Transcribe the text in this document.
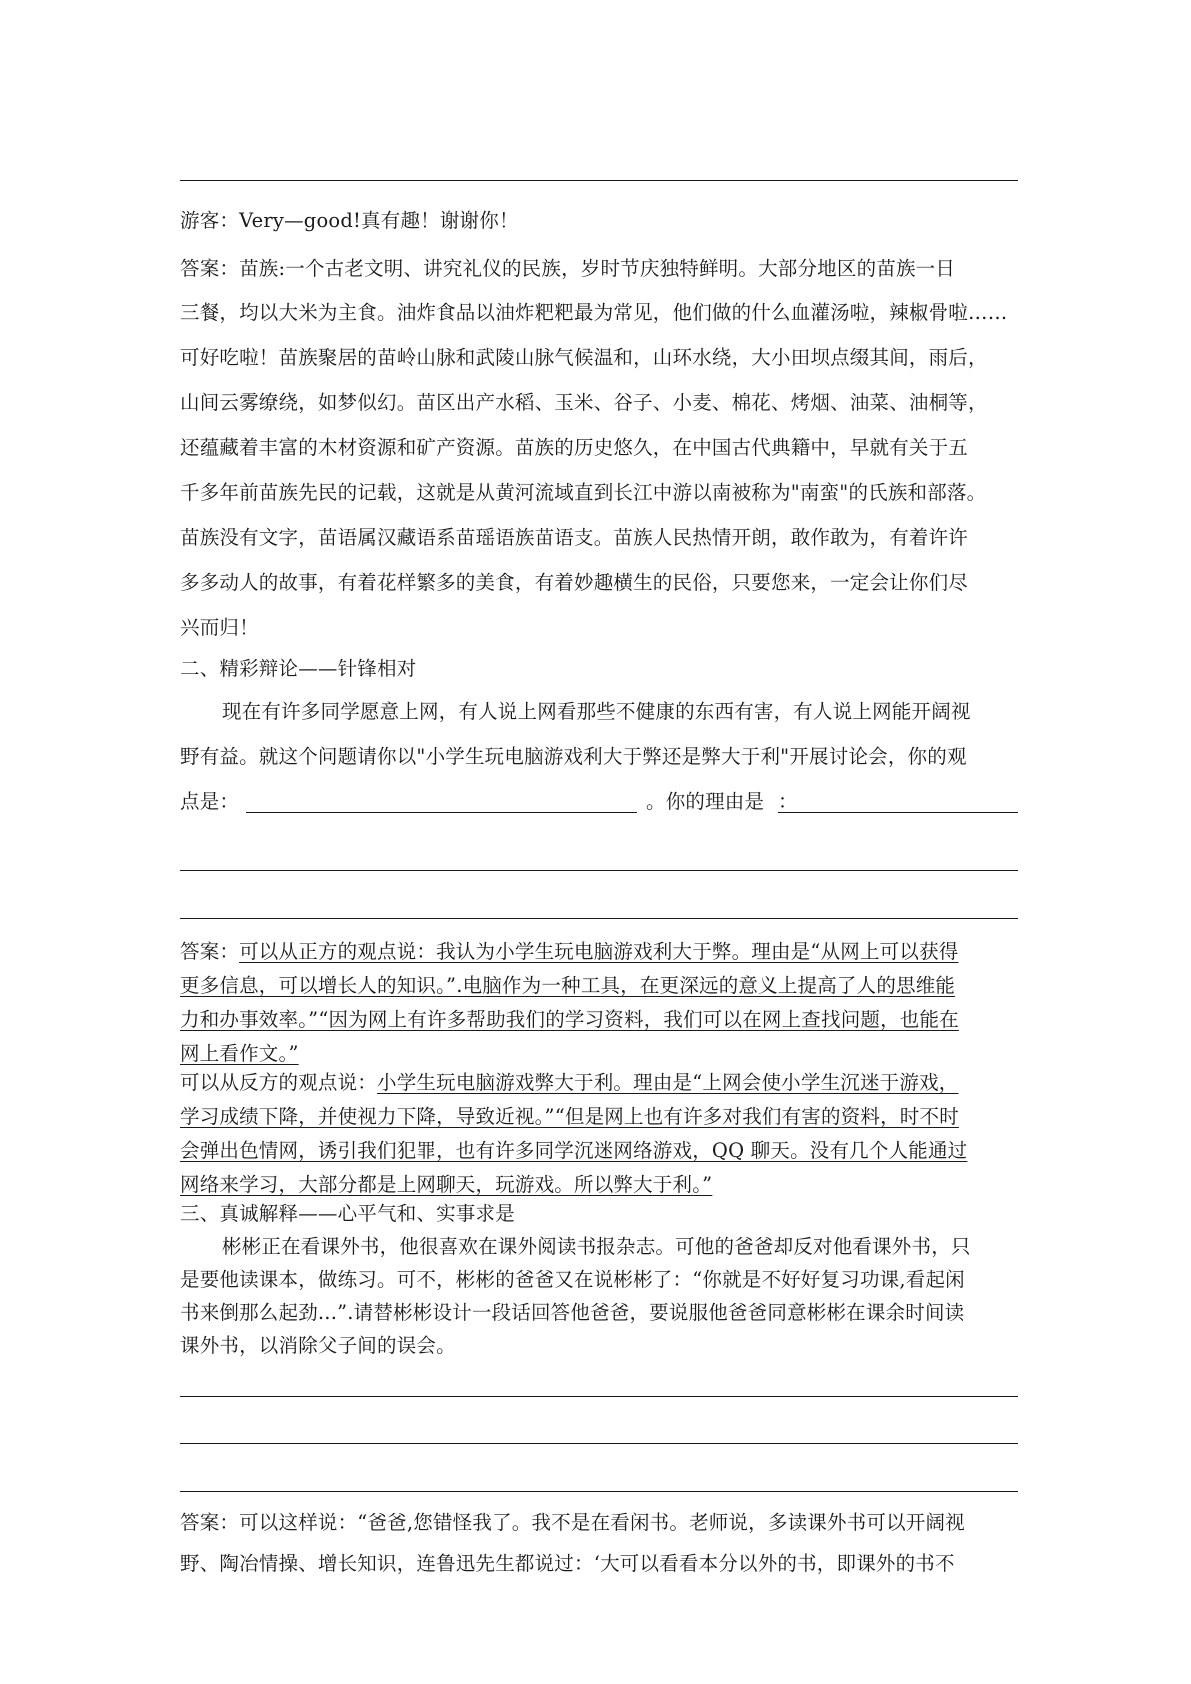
游客：Very—good!真有趣！谢谢你！
答案：苗族:一个古老文明、讲究礼仪的民族，岁时节庆独特鲜明。大部分地区的苗族一日
三餐，均以大米为主食。油炸食品以油炸粑粑最为常见，他们做的什么血灌汤啦，辣椒骨啦……
可好吃啦！苗族聚居的苗岭山脉和武陵山脉气候温和，山环水绕，大小田坝点缀其间，雨后，
山间云雾缭绕，如梦似幻。苗区出产水稻、玉米、谷子、小麦、棉花、烤烟、油菜、油桐等，
还蕴藏着丰富的木材资源和矿产资源。苗族的历史悠久，在中国古代典籍中，早就有关于五
千多年前苗族先民的记载，这就是从黄河流域直到长江中游以南被称为"南蛮"的氏族和部落。
苗族没有文字，苗语属汉藏语系苗瑶语族苗语支。苗族人民热情开朗，敢作敢为，有着许许
多多动人的故事，有着花样繁多的美食，有着妙趣横生的民俗，只要您来，一定会让你们尽
兴而归！
二、精彩辩论——针锋相对
现在有许多同学愿意上网，有人说上网看那些不健康的东西有害，有人说上网能开阔视
野有益。就这个问题请你以"小学生玩电脑游戏利大于弊还是弊大于利"开展讨论会，你的观
点是：	。你的理由是 ：
答案：可以从正方的观点说：我认为小学生玩电脑游戏利大于弊。理由是“从网上可以获得
更多信息，可以增长人的知识。”.电脑作为一种工具，在更深远的意义上提高了人的思维能
力和办事效率。”“因为网上有许多帮助我们的学习资料，我们可以在网上查找问题，也能在
网上看作文。”
可以从反方的观点说：小学生玩电脑游戏弊大于利。理由是“上网会使小学生沉迷于游戏，
学习成绩下降，并使视力下降，导致近视。”“但是网上也有许多对我们有害的资料，时不时
会弹出色情网，诱引我们犯罪，也有许多同学沉迷网络游戏，QQ 聊天。没有几个人能通过
网络来学习，大部分都是上网聊天，玩游戏。所以弊大于利。”
三、真诚解释——心平气和、实事求是
彬彬正在看课外书，他很喜欢在课外阅读书报杂志。可他的爸爸却反对他看课外书，只
是要他读课本，做练习。可不，彬彬的爸爸又在说彬彬了：“你就是不好好复习功课,看起闲
书来倒那么起劲...”.请替彬彬设计一段话回答他爸爸，要说服他爸爸同意彬彬在课余时间读
课外书，以消除父子间的误会。
答案：可以这样说：“爸爸,您错怪我了。我不是在看闲书。老师说，多读课外书可以开阔视
野、陶冶情操、增长知识，连鲁迅先生都说过：‘大可以看看本分以外的书，即课外的书不
